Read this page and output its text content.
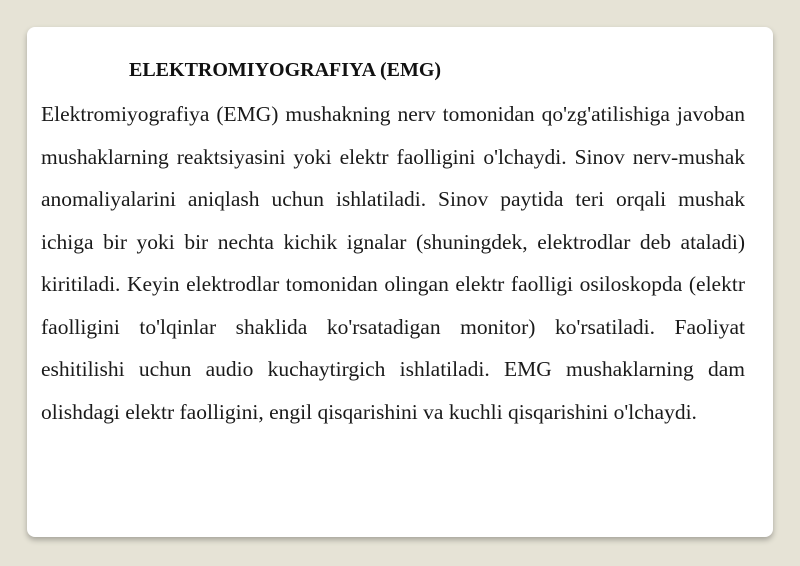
ELEKTROMIYOGRAFIYA (EMG)

Elektromiyografiya (EMG) mushakning nerv tomonidan qo'zg'atilishiga javoban mushaklarning reaktsiyasini yoki elektr faolligini o'lchaydi. Sinov nerv-mushak anomaliyalarini aniqlash uchun ishlatiladi. Sinov paytida teri orqali mushak ichiga bir yoki bir nechta kichik ignalar (shuningdek, elektrodlar deb ataladi) kiritiladi. Keyin elektrodlar tomonidan olingan elektr faolligi osiloskopda (elektr faolligini to'lqinlar shaklida ko'rsatadigan monitor) ko'rsatiladi. Faoliyat eshitilishi uchun audio kuchaytirgich ishlatiladi. EMG mushaklarning dam olishdagi elektr faolligini, engil qisqarishini va kuchli qisqarishini o'lchaydi.
